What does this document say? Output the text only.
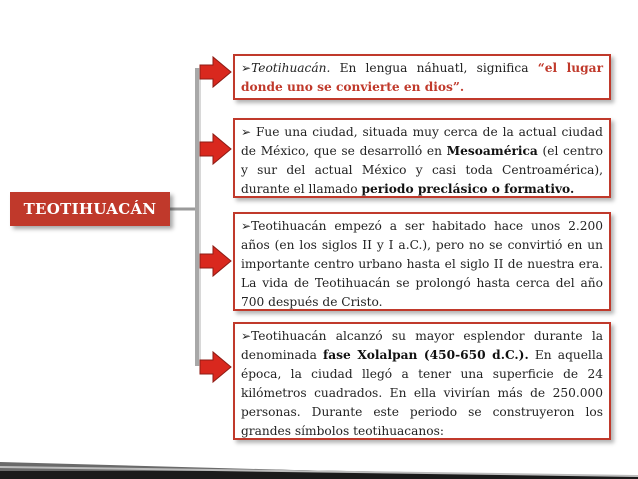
TEOTIHUACÁN
➢Teotihuacán. En lengua náhuatl, significa “el lugar donde uno se convierte en dios”.
➢ Fue una ciudad, situada muy cerca de la actual ciudad de México, que se desarrolló en Mesoamérica (el centro y sur del actual México y casi toda Centroamérica), durante el llamado periodo preclásico o formativo.
➢Teotihuacán empezó a ser habitado hace unos 2.200 años (en los siglos II y I a.C.), pero no se convirtió en un importante centro urbano hasta el siglo II de nuestra era. La vida de Teotihuacán se prolongó hasta cerca del año 700 después de Cristo.
➢Teotihuacán alcanzó su mayor esplendor durante la denominada fase Xolalpan (450-650 d.C.). En aquella época, la ciudad llegó a tener una superficie de 24 kilómetros cuadrados. En ella vivirían más de 250.000 personas. Durante este periodo se construyeron los grandes símbolos teotihuacanos:
